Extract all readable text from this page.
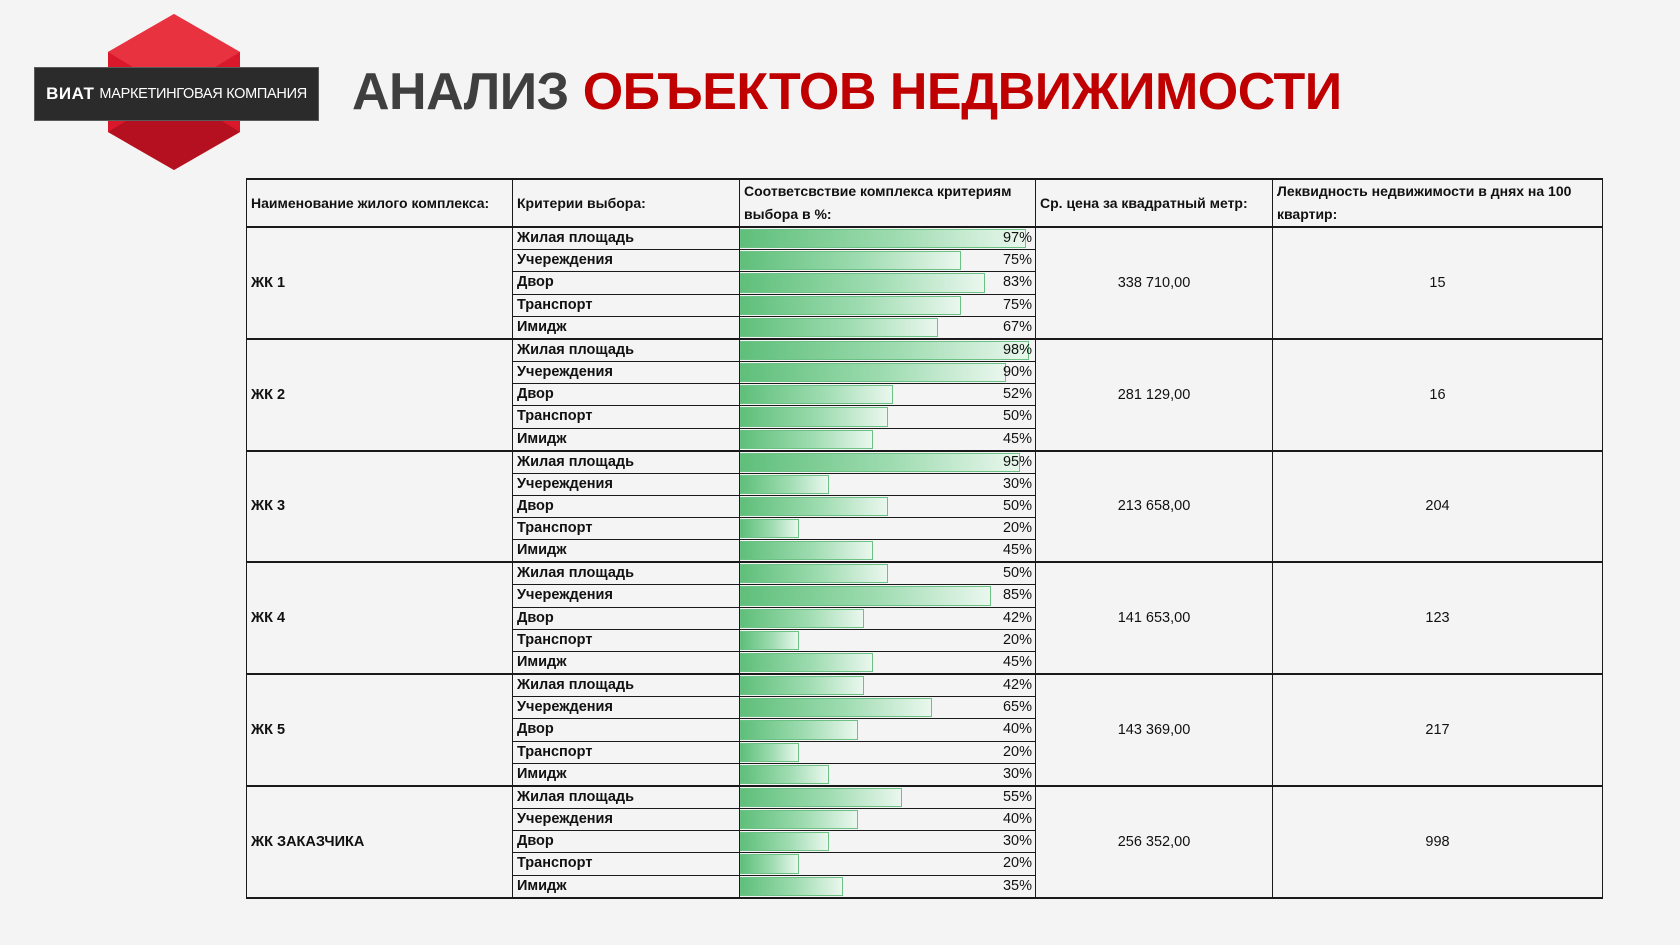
ВИАТ МАРКЕТИНГОВАЯ КОМПАНИЯ АНАЛИЗ ОБЪЕКТОВ НЕДВИЖИМОСТИ
Наименование жилого комплекса:	Критерии выбора:	Соответсвствие комплекса критериям выбора в %:	Ср. цена за квадратный метр:	Леквидность недвижимости в днях на 100 квартир:
ЖК 1	Жилая площадь	97%	338 710,00	15
	Учереждения	75%		

	Двор	83%		

	Транспорт	75%		

	Имидж	67%		

ЖК 2	Жилая площадь	98%	281 129,00	16
	Учереждения	90%		

	Двор	52%		

	Транспорт	50%		

	Имидж	45%		

ЖК 3	Жилая площадь	95%	213 658,00	204
	Учереждения	30%		

	Двор	50%		

	Транспорт	20%		

	Имидж	45%		

ЖК 4	Жилая площадь	50%	141 653,00	123
	Учереждения	85%		

	Двор	42%		

	Транспорт	20%		

	Имидж	45%		

ЖК 5	Жилая площадь	42%	143 369,00	217
	Учереждения	65%		

	Двор	40%		

	Транспорт	20%		

	Имидж	30%		

ЖК ЗАКАЗЧИКА	Жилая площадь	55%	256 352,00	998
	Учереждения	40%		

	Двор	30%		

	Транспорт	20%		

	Имидж	35%		
